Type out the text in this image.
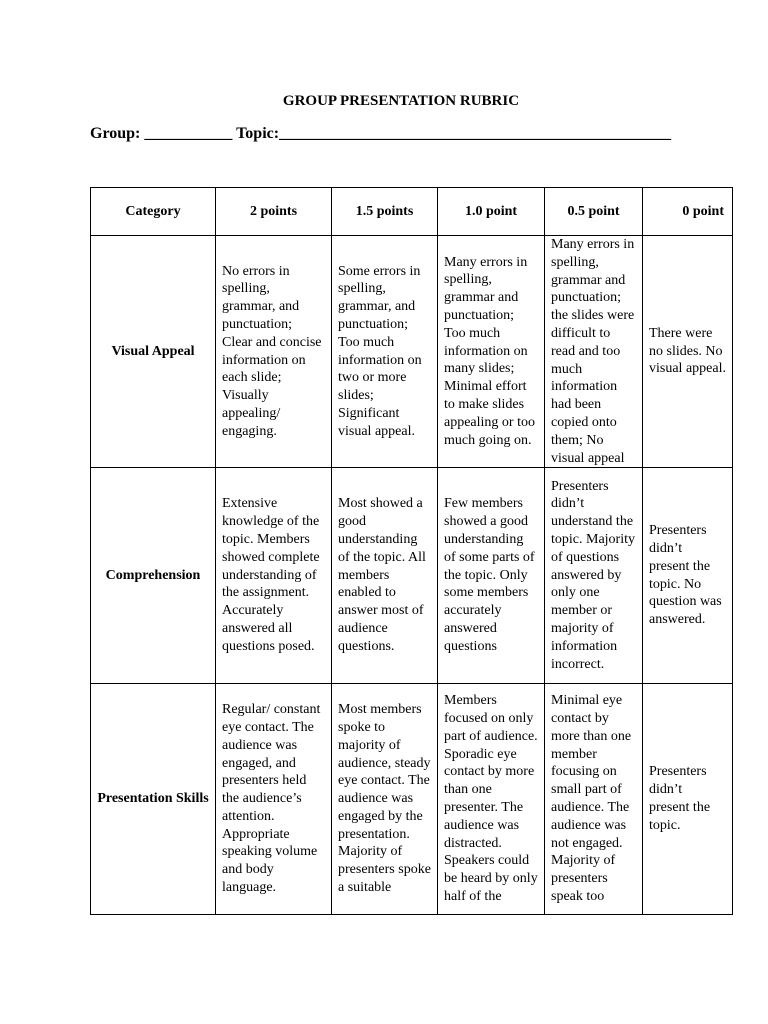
GROUP PRESENTATION RUBRIC
Group: ___________ Topic:_________________________________________________
Category	2 points	1.5 points	1.0 point	0.5 point	0 point
Visual Appeal	No errors in spelling, grammar, and punctuation; Clear and concise information on each slide; Visually appealing/ engaging.	Some errors in spelling, grammar, and punctuation; Too much information on two or more slides; Significant visual appeal.	Many errors in spelling, grammar and punctuation; Too much information on many slides; Minimal effort to make slides appealing or too much going on.	Many errors in spelling, grammar and punctuation; the slides were difficult to read and too much information had been copied onto them; No visual appeal	There were no slides. No visual appeal.

Comprehension	Extensive knowledge of the topic. Members showed complete understanding of the assignment. Accurately answered all questions posed.	Most showed a good understanding of the topic. All members enabled to answer most of audience questions.	Few members showed a good understanding of some parts of the topic. Only some members accurately answered questions	Presenters didn’t understand the topic. Majority of questions answered by only one member or majority of information incorrect.	Presenters didn’t present the topic. No question was answered.

Presentation Skills	Regular/ constant eye contact. The audience was engaged, and presenters held the audience’s attention. Appropriate speaking volume and body language.	Most members spoke to majority of audience, steady eye contact. The audience was engaged by the presentation. Majority of presenters spoke a suitable	Members focused on only part of audience. Sporadic eye contact by more than one presenter. The audience was distracted. Speakers could be heard by only half of the	Minimal eye contact by more than one member focusing on small part of audience. The audience was not engaged. Majority of presenters speak too	Presenters didn’t present the topic.
